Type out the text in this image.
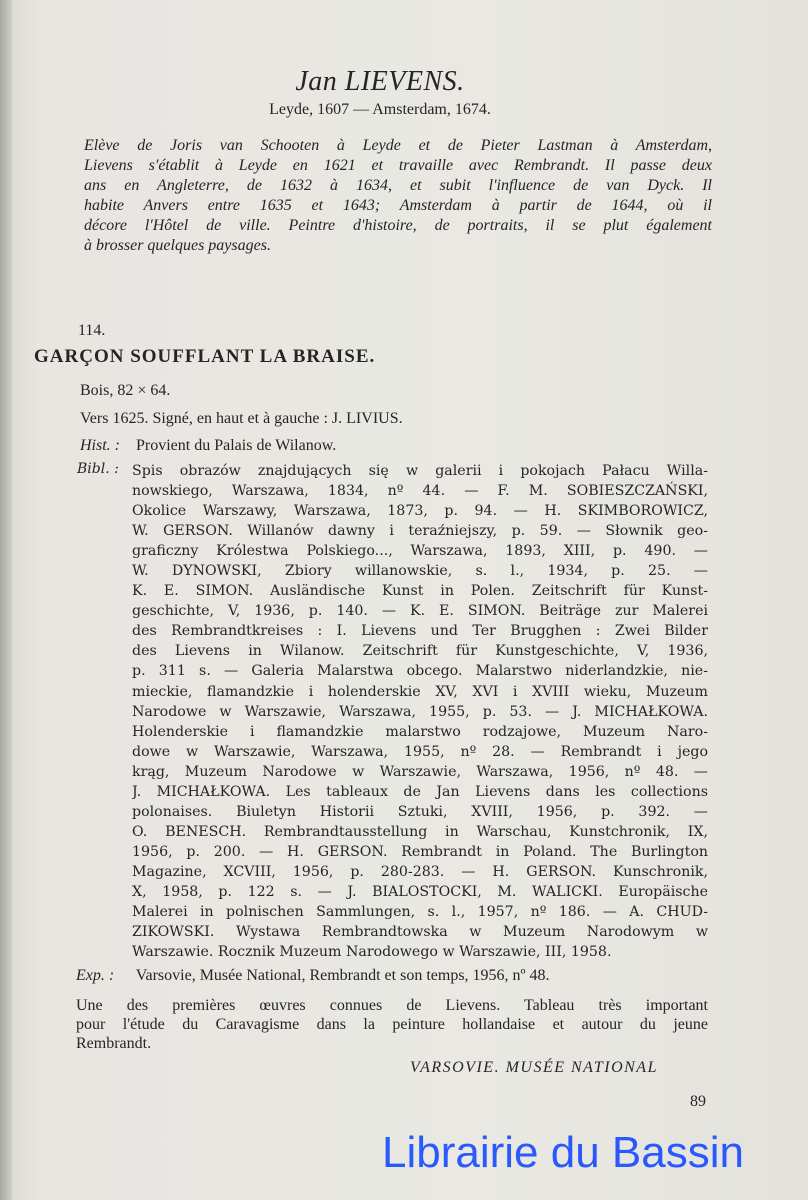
Jan LIEVENS.
Leyde, 1607 — Amsterdam, 1674.
Elève de Joris van Schooten à Leyde et de Pieter Lastman à Amsterdam,
Lievens s'établit à Leyde en 1621 et travaille avec Rembrandt. Il passe deux
ans en Angleterre, de 1632 à 1634, et subit l'influence de van Dyck. Il
habite Anvers entre 1635 et 1643; Amsterdam à partir de 1644, où il
décore l'Hôtel de ville. Peintre d'histoire, de portraits, il se plut également
à brosser quelques paysages.
114.
GARÇON SOUFFLANT LA BRAISE.
Bois, 82 × 64.
Vers 1625. Signé, en haut et à gauche : J. LIVIUS.
Hist. : Provient du Palais de Wilanow.
Bibl. : Spis obrazów znajdujących się w galerii i pokojach Pałacu Willa-
nowskiego, Warszawa, 1834, nº 44. — F. M. SOBIESZCZAŃSKI,
Okolice Warszawy, Warszawa, 1873, p. 94. — H. SKIMBOROWICZ,
W. GERSON. Willanów dawny i teraźniejszy, p. 59. — Słownik geo-
graficzny Królestwa Polskiego..., Warszawa, 1893, XIII, p. 490. —
W. DYNOWSKI, Zbiory willanowskie, s. l., 1934, p. 25. —
K. E. SIMON. Ausländische Kunst in Polen. Zeitschrift für Kunst-
geschichte, V, 1936, p. 140. — K. E. SIMON. Beiträge zur Malerei
des Rembrandtkreises : I. Lievens und Ter Brugghen : Zwei Bilder
des Lievens in Wilanow. Zeitschrift für Kunstgeschichte, V, 1936,
p. 311 s. — Galeria Malarstwa obcego. Malarstwo niderlandzkie, nie-
mieckie, flamandzkie i holenderskie XV, XVI i XVIII wieku, Muzeum
Narodowe w Warszawie, Warszawa, 1955, p. 53. — J. MICHAŁKOWA.
Holenderskie i flamandzkie malarstwo rodzajowe, Muzeum Naro-
dowe w Warszawie, Warszawa, 1955, nº 28. — Rembrandt i jego
krąg, Muzeum Narodowe w Warszawie, Warszawa, 1956, nº 48. —
J. MICHAŁKOWA. Les tableaux de Jan Lievens dans les collections
polonaises. Biuletyn Historii Sztuki, XVIII, 1956, p. 392. —
O. BENESCH. Rembrandtausstellung in Warschau, Kunstchronik, IX,
1956, p. 200. — H. GERSON. Rembrandt in Poland. The Burlington
Magazine, XCVIII, 1956, p. 280-283. — H. GERSON. Kunschronik,
X, 1958, p. 122 s. — J. BIALOSTOCKI, M. WALICKI. Europäische
Malerei in polnischen Sammlungen, s. l., 1957, nº 186. — A. CHUD-
ZIKOWSKI. Wystawa Rembrandtowska w Muzeum Narodowym w
Warszawie. Rocznik Muzeum Narodowego w Warszawie, III, 1958.
Exp. : Varsovie, Musée National, Rembrandt et son temps, 1956, nº 48.
Une des premières œuvres connues de Lievens. Tableau très important
pour l'étude du Caravagisme dans la peinture hollandaise et autour du jeune
Rembrandt.
VARSOVIE. MUSÉE NATIONAL
89
Librairie du Bassin
